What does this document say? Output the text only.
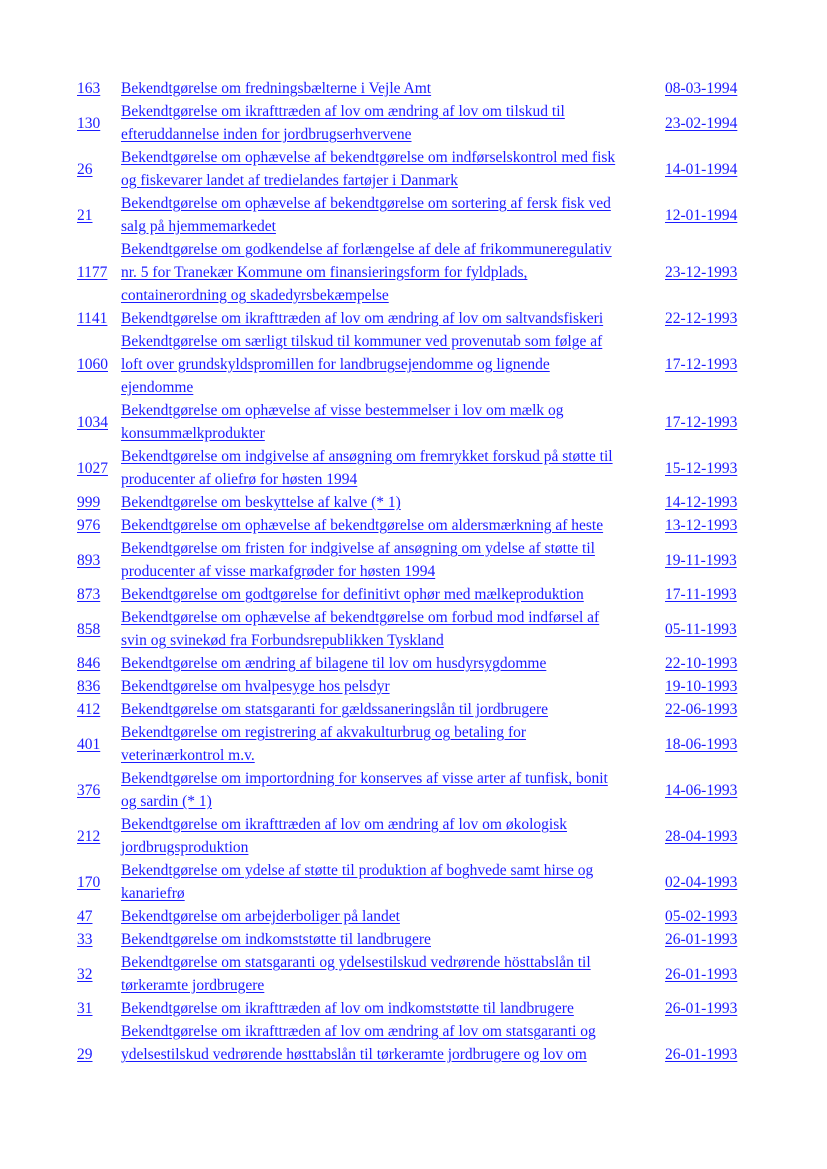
163	Bekendtgørelse om fredningsbælterne i Vejle Amt	08-03-1994
130	Bekendtgørelse om ikrafttræden af lov om ændring af lov om tilskud til
efteruddannelse inden for jordbrugserhvervene	23-02-1994
26	Bekendtgørelse om ophævelse af bekendtgørelse om indførselskontrol med fisk
og fiskevarer landet af tredielandes fartøjer i Danmark	14-01-1994
21	Bekendtgørelse om ophævelse af bekendtgørelse om sortering af fersk fisk ved
salg på hjemmemarkedet	12-01-1994
1177	Bekendtgørelse om godkendelse af forlængelse af dele af frikommuneregulativ
nr. 5 for Tranekær Kommune om finansieringsform for fyldplads,
containerordning og skadedyrsbekæmpelse	23-12-1993
1141	Bekendtgørelse om ikrafttræden af lov om ændring af lov om saltvandsfiskeri	22-12-1993
1060	Bekendtgørelse om særligt tilskud til kommuner ved provenutab som følge af
loft over grundskyldspromillen for landbrugsejendomme og lignende
ejendomme	17-12-1993
1034	Bekendtgørelse om ophævelse af visse bestemmelser i lov om mælk og
konsummælkprodukter	17-12-1993
1027	Bekendtgørelse om indgivelse af ansøgning om fremrykket forskud på støtte til
producenter af oliefrø for høsten 1994	15-12-1993
999	Bekendtgørelse om beskyttelse af kalve (* 1)	14-12-1993
976	Bekendtgørelse om ophævelse af bekendtgørelse om aldersmærkning af heste	13-12-1993
893	Bekendtgørelse om fristen for indgivelse af ansøgning om ydelse af støtte til
producenter af visse markafgrøder for høsten 1994	19-11-1993
873	Bekendtgørelse om godtgørelse for definitivt ophør med mælkeproduktion	17-11-1993
858	Bekendtgørelse om ophævelse af bekendtgørelse om forbud mod indførsel af
svin og svinekød fra Forbundsrepublikken Tyskland	05-11-1993
846	Bekendtgørelse om ændring af bilagene til lov om husdyrsygdomme	22-10-1993
836	Bekendtgørelse om hvalpesyge hos pelsdyr	19-10-1993
412	Bekendtgørelse om statsgaranti for gældssaneringslån til jordbrugere	22-06-1993
401	Bekendtgørelse om registrering af akvakulturbrug og betaling for
veterinærkontrol m.v.	18-06-1993
376	Bekendtgørelse om importordning for konserves af visse arter af tunfisk, bonit
og sardin (* 1)	14-06-1993
212	Bekendtgørelse om ikrafttræden af lov om ændring af lov om økologisk
jordbrugsproduktion	28-04-1993
170	Bekendtgørelse om ydelse af støtte til produktion af boghvede samt hirse og
kanariefrø	02-04-1993
47	Bekendtgørelse om arbejderboliger på landet	05-02-1993
33	Bekendtgørelse om indkomststøtte til landbrugere	26-01-1993
32	Bekendtgørelse om statsgaranti og ydelsestilskud vedrørende hösttabslån til
tørkeramte jordbrugere	26-01-1993
31	Bekendtgørelse om ikrafttræden af lov om indkomststøtte til landbrugere	26-01-1993
29	Bekendtgørelse om ikrafttræden af lov om ændring af lov om statsgaranti og
ydelsestilskud vedrørende høsttabslån til tørkeramte jordbrugere og lov om	26-01-1993
